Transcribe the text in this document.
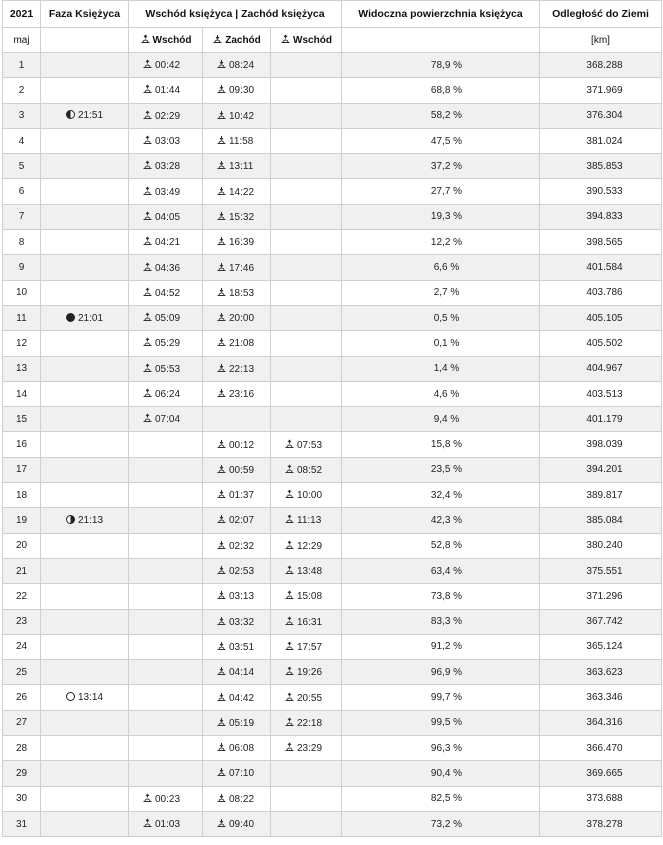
2021	Faza Księżyca	Wschód księżyca | Zachód księżyca			Widoczna powierzchnia księżyca	Odległość do Ziemi
maj		Wschód	Zachód	Wschód		[km]
1		00:42	08:24		78,9 %	368.288
2		01:44	09:30		68,8 %	371.969
3	21:51	02:29	10:42		58,2 %	376.304
4		03:03	11:58		47,5 %	381.024
5		03:28	13:11		37,2 %	385.853
6		03:49	14:22		27,7 %	390.533
7		04:05	15:32		19,3 %	394.833
8		04:21	16:39		12,2 %	398.565
9		04:36	17:46		6,6 %	401.584
10		04:52	18:53		2,7 %	403.786
11	21:01	05:09	20:00		0,5 %	405.105
12		05:29	21:08		0,1 %	405.502
13		05:53	22:13		1,4 %	404.967
14		06:24	23:16		4,6 %	403.513
15		07:04			9,4 %	401.179
16			00:12	07:53	15,8 %	398.039
17			00:59	08:52	23,5 %	394.201
18			01:37	10:00	32,4 %	389.817
19	21:13		02:07	11:13	42,3 %	385.084
20			02:32	12:29	52,8 %	380.240
21			02:53	13:48	63,4 %	375.551
22			03:13	15:08	73,8 %	371.296
23			03:32	16:31	83,3 %	367.742
24			03:51	17:57	91,2 %	365.124
25			04:14	19:26	96,9 %	363.623
26	13:14		04:42	20:55	99,7 %	363.346
27			05:19	22:18	99,5 %	364.316
28			06:08	23:29	96,3 %	366.470
29			07:10		90,4 %	369.665
30		00:23	08:22		82,5 %	373.688
31		01:03	09:40		73,2 %	378.278
